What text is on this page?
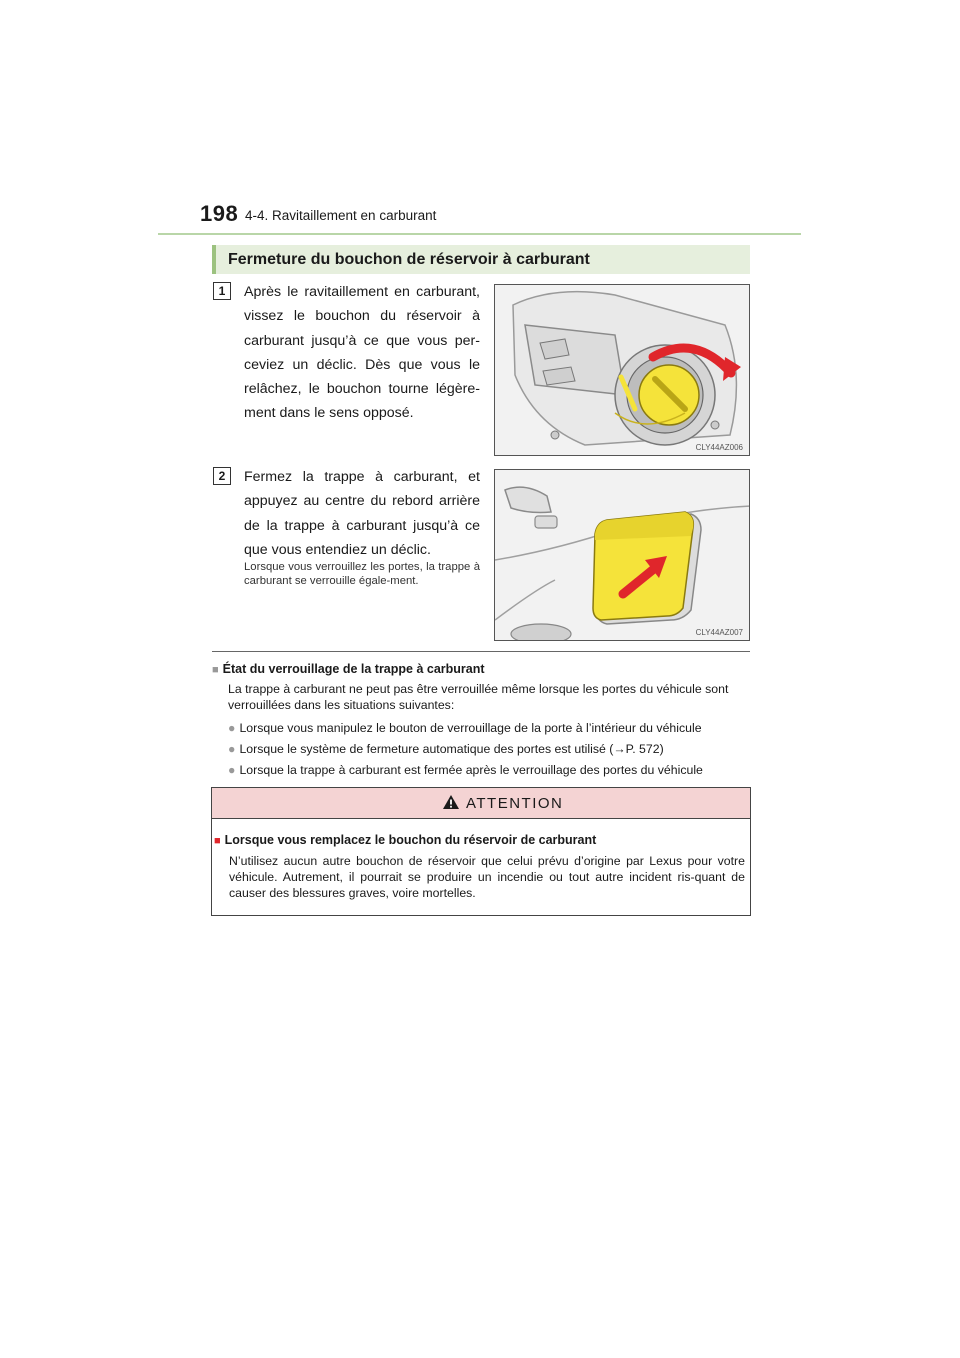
198 4-4. Ravitaillement en carburant
Fermeture du bouchon de réservoir à carburant
1	Après le ravitaillement en carburant, vissez le bouchon du réservoir à carburant jusqu’à ce que vous per-ceviez un déclic. Dès que vous le relâchez, le bouchon tourne légère-ment dans le sens opposé.
CLY44AZ006
2	Fermez la trappe à carburant, et appuyez au centre du rebord arrière de la trappe à carburant jusqu’à ce que vous entendiez un déclic.
Lorsque vous verrouillez les portes, la trappe à carburant se verrouille égale-ment.
CLY44AZ007
■ État du verrouillage de la trappe à carburant
La trappe à carburant ne peut pas être verrouillée même lorsque les portes du véhicule sont verrouillées dans les situations suivantes:
● Lorsque vous manipulez le bouton de verrouillage de la porte à l’intérieur du véhicule
● Lorsque le système de fermeture automatique des portes est utilisé (→P. 572)
● Lorsque la trappe à carburant est fermée après le verrouillage des portes du véhicule
ATTENTION
■ Lorsque vous remplacez le bouchon du réservoir de carburant
N’utilisez aucun autre bouchon de réservoir que celui prévu d’origine par Lexus pour votre véhicule. Autrement, il pourrait se produire un incendie ou tout autre incident ris-quant de causer des blessures graves, voire mortelles.
